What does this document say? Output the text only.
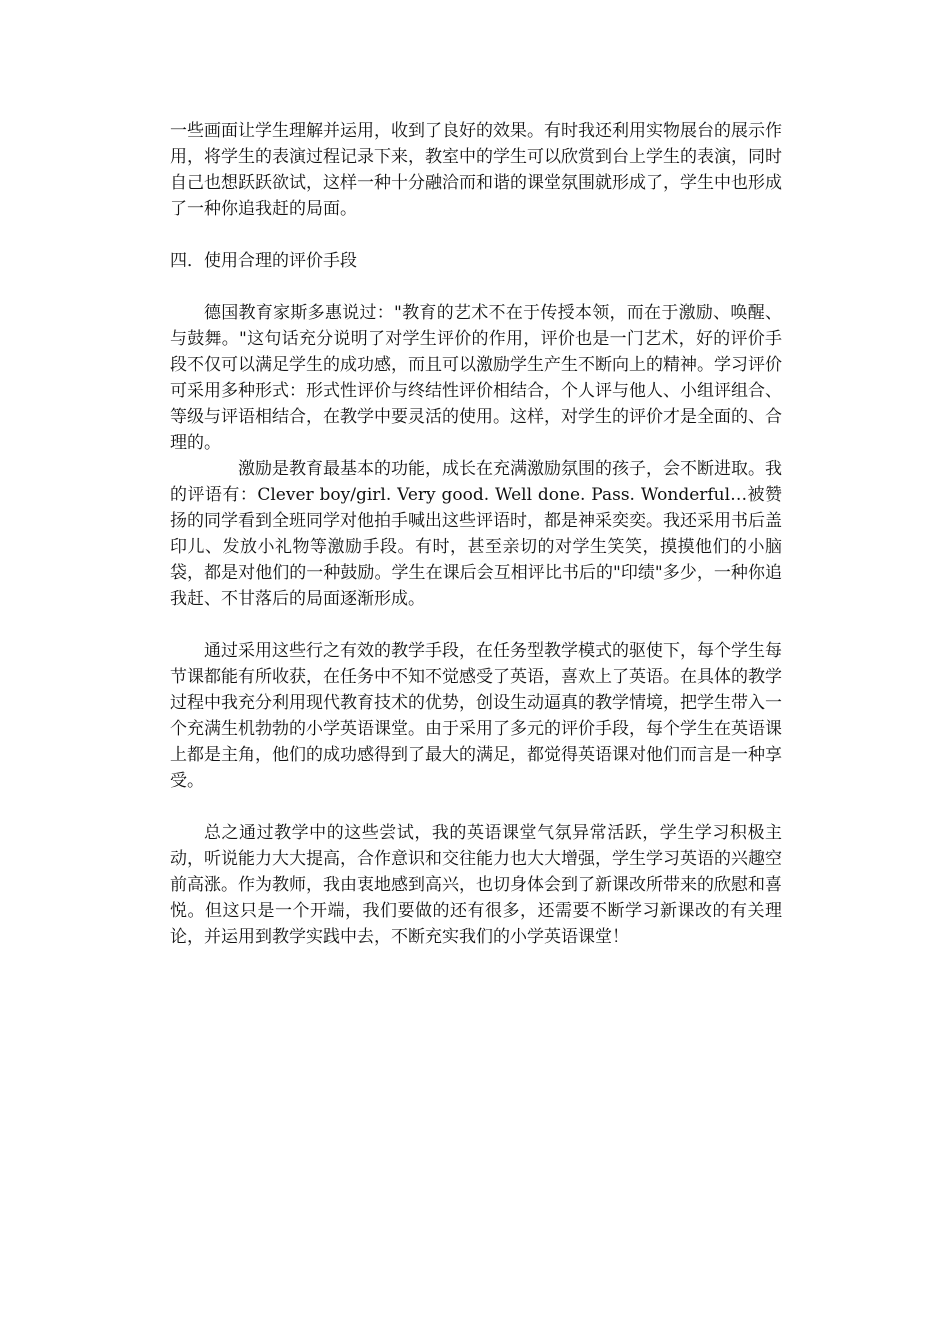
一些画面让学生理解并运用，收到了良好的效果。有时我还利用实物展台的展示作用，将学生的表演过程记录下来，教室中的学生可以欣赏到台上学生的表演，同时自己也想跃跃欲试，这样一种十分融洽而和谐的课堂氛围就形成了，学生中也形成了一种你追我赶的局面。

四．使用合理的评价手段

德国教育家斯多惠说过："教育的艺术不在于传授本领，而在于激励、唤醒、与鼓舞。"这句话充分说明了对学生评价的作用，评价也是一门艺术，好的评价手段不仅可以满足学生的成功感，而且可以激励学生产生不断向上的精神。学习评价可采用多种形式：形式性评价与终结性评价相结合，个人评与他人、小组评组合、等级与评语相结合，在教学中要灵活的使用。这样，对学生的评价才是全面的、合理的。

激励是教育最基本的功能，成长在充满激励氛围的孩子，会不断进取。我的评语有：Clever boy/girl. Very good. Well done. Pass. Wonderful…被赞扬的同学看到全班同学对他拍手喊出这些评语时，都是神采奕奕。我还采用书后盖印儿、发放小礼物等激励手段。有时，甚至亲切的对学生笑笑，摸摸他们的小脑袋，都是对他们的一种鼓励。学生在课后会互相评比书后的"印绩"多少，一种你追我赶、不甘落后的局面逐渐形成。

通过采用这些行之有效的教学手段，在任务型教学模式的驱使下，每个学生每节课都能有所收获，在任务中不知不觉感受了英语，喜欢上了英语。在具体的教学过程中我充分利用现代教育技术的优势，创设生动逼真的教学情境，把学生带入一个充满生机勃勃的小学英语课堂。由于采用了多元的评价手段，每个学生在英语课上都是主角，他们的成功感得到了最大的满足，都觉得英语课对他们而言是一种享受。

总之通过教学中的这些尝试，我的英语课堂气氛异常活跃，学生学习积极主动，听说能力大大提高，合作意识和交往能力也大大增强，学生学习英语的兴趣空前高涨。作为教师，我由衷地感到高兴，也切身体会到了新课改所带来的欣慰和喜悦。但这只是一个开端，我们要做的还有很多，还需要不断学习新课改的有关理论，并运用到教学实践中去，不断充实我们的小学英语课堂！
